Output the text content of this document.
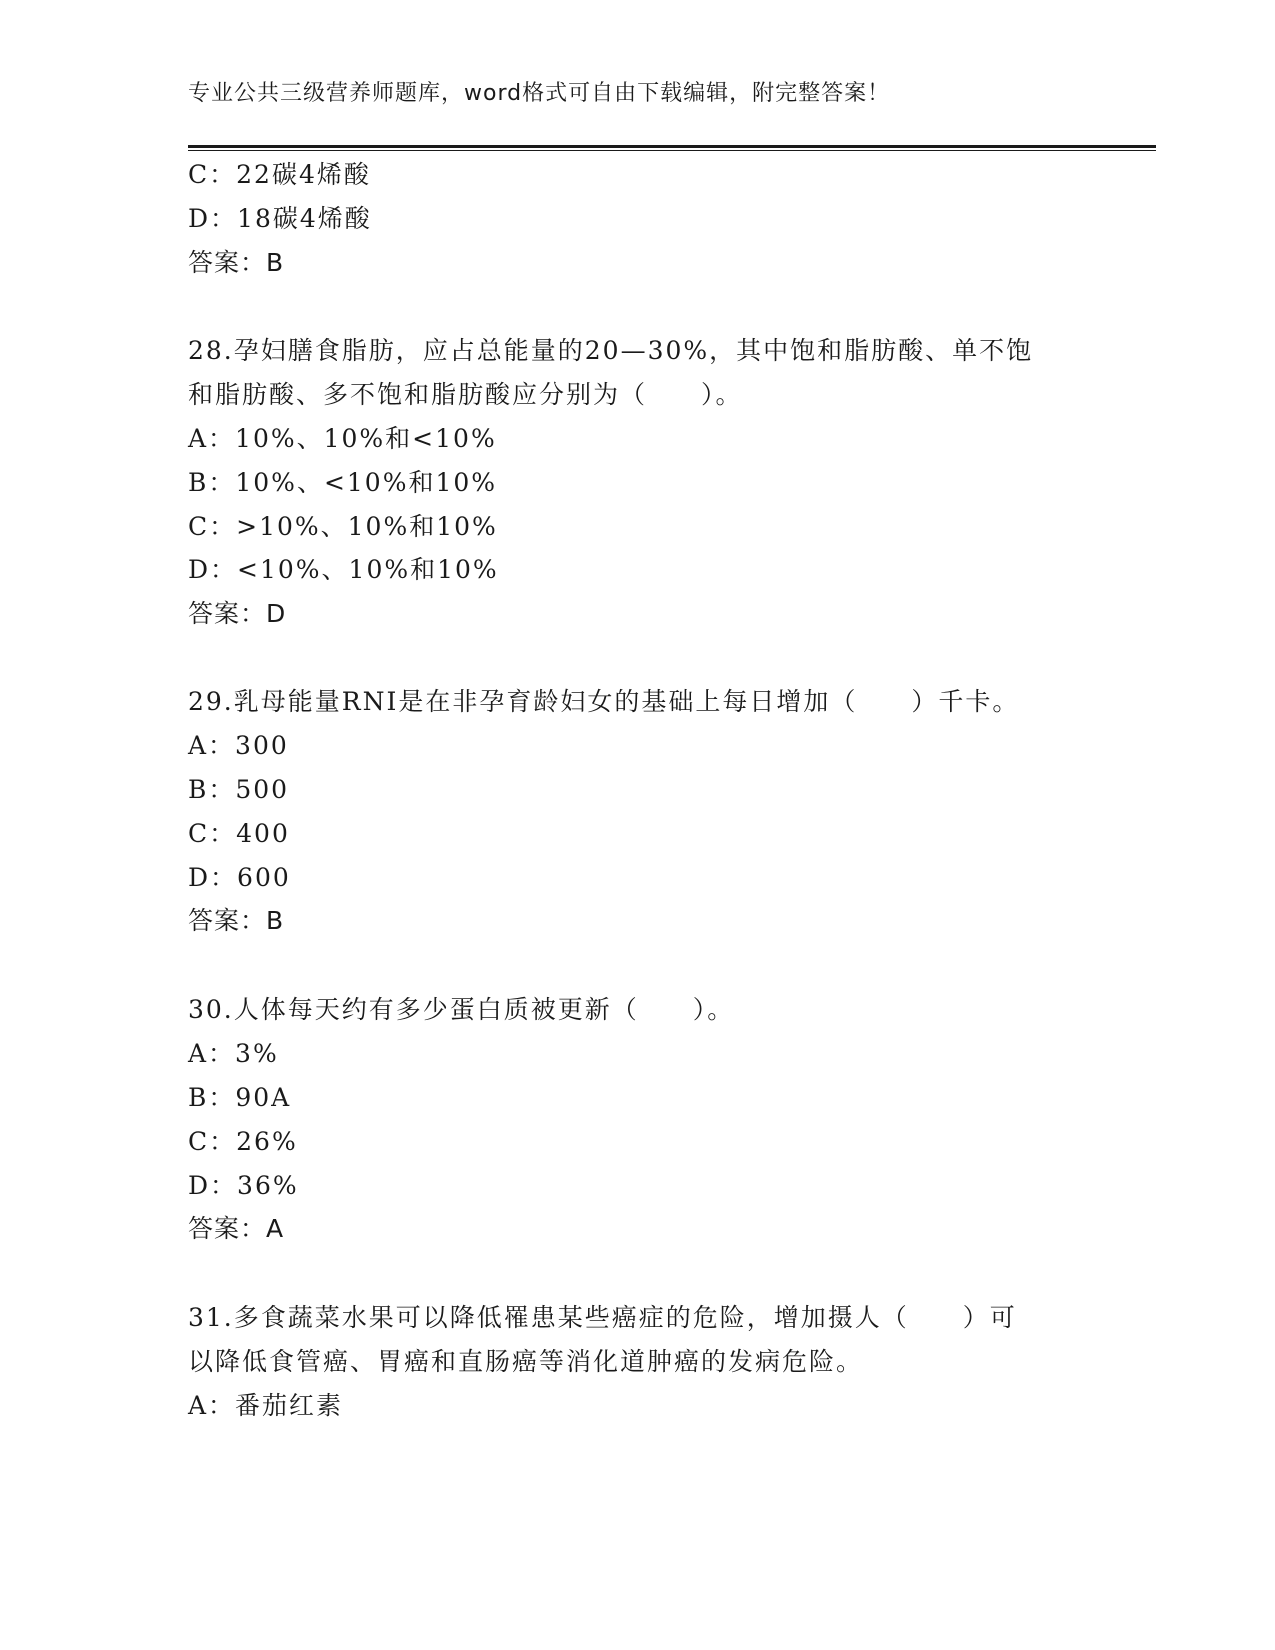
专业公共三级营养师题库，word格式可自由下载编辑，附完整答案！
C：22碳4烯酸
D：18碳4烯酸
答案：B
28.孕妇膳食脂肪，应占总能量的20—30%，其中饱和脂肪酸、单不饱
和脂肪酸、多不饱和脂肪酸应分别为（　　）。
A：10%、10%和<10%
B：10%、<10%和10%
C：>10%、10%和10%
D：<10%、10%和10%
答案：D
29.乳母能量RNI是在非孕育龄妇女的基础上每日增加（　　）千卡。
A：300
B：500
C：400
D：600
答案：B
30.人体每天约有多少蛋白质被更新（　　）。
A：3%
B：90A
C：26%
D：36%
答案：A
31.多食蔬菜水果可以降低罹患某些癌症的危险，增加摄人（　　）可
以降低食管癌、胃癌和直肠癌等消化道肿癌的发病危险。
A：番茄红素
